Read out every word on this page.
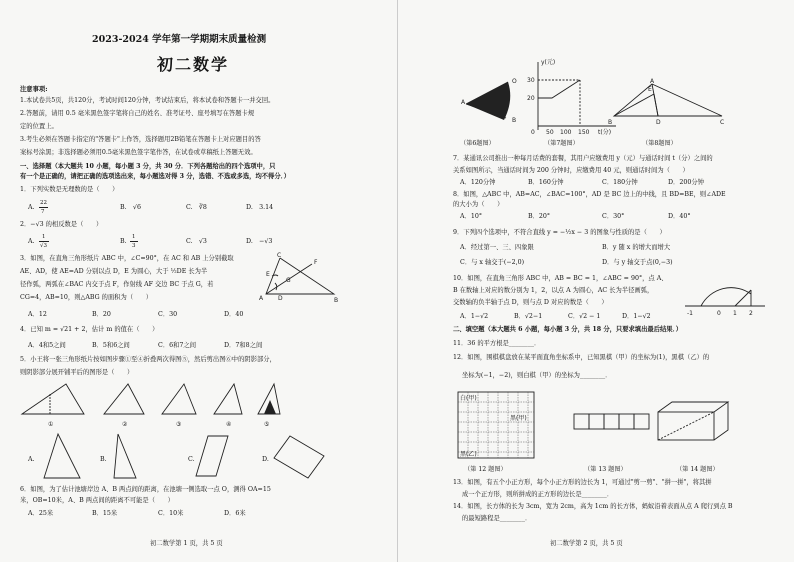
2023-2024 学年第一学期期末质量检测
初二数学
注意事项:
1.本试卷共5页，共120分，考试时间120分钟，考试结束后，将本试卷和答题卡一并交回。
2.答题前，请用 0.5 毫米黑色签字笔将自己的姓名、准考证号、座号填写在答题卡规
定的位置上。
3.考生必须在答题卡指定的"答题卡"上作答，选择题用2B铅笔在答题卡上对应题目的答
案标号涂黑；非选择题必须用0.5毫米黑色签字笔作答，在试卷或草稿纸上答题无效。
一、选择题（本大题共 10 小题，每小题 3 分，共 30 分．下列各题给出的四个选项中，只
有一个是正确的，请把正确的选项选出来，每小题选对得 3 分，选错、不选或多选，均不得分．）
1．下列实数是无理数的是（　　）
A.
22
7
B.　√6	C.　∛8	D.　3.14
2．−√3 的相反数是（　　）
A.
1
√3
B.
1
3
C.　√3	D.　−√3
3．如图，在直角三角形纸片 ABC 中，∠C=90°，在 AC 和 AB 上分别截取
AE、AD，使 AE=AD 分别以点 D，E 为圆心，大于 ½DE 长为半
径作弧，两弧在∠BAC 内交于点 F，作射线 AF 交边 BC 于点 G，若
CG=4，AB=10，则△ABG 的面积为（　　）
A．12	B．20	C．30	D．40
C
E
G
F
A D	B
4．已知 m = √21 + 2，估计 m 的值在（　　）
A．4和5之间	B．5和6之间	C．6和7之间	D．7和8之间
5．小王将一张三角形纸片按如图步骤①至④折叠两次得图⑤，然后剪出图⑥中的阴影部分，
则阴影部分展开铺平后的图形是（　　）
①	②	③	④	⑤
A.	B.	C.	D.
6．如图，为了估计池塘岸边 A、B 两点间的距离，在池塘一侧选取一点 O，测得 OA=15
米，OB=10米，A、B 两点间的距离不可能是（　　）
A．25米	B．15米	C．10米	D．6米
初二数学第 1 页，共 5 页
O
A
B
y(元)
t(分)
30
20
0 50 100 150
E
A
B	D	C
（第6题图）	（第7题图）	（第8题图）
7．某通讯公司推出一种每月话费的套餐，其用户应缴费用 y（元）与通话时间 t（分）之间的
关系如图所示，当通话时间为 200 分钟时，应缴费用 40 元，则通话时间为（　　）
A．120分钟	B．160分钟	C．180分钟	D．200分钟
8．如图，△ABC 中，AB=AC，∠BAC=100°，AD 是 BC 边上的中线，且 BD=BE，则∠ADE
的大小为（　　）
A．10°	B．20°	C．30°	D．40°
9．下列四个选项中，不符合直线 y = −½x − 3 的图象与性质的是（　　）
A．经过第一、三、四象限	B．y 随 x 的增大而增大
C．与 x 轴交于(−2,0)	D．与 y 轴交于点(0,−3)
10．如图，在直角三角形 ABC 中，AB = BC = 1，∠ABC = 90°，点 A、
B 在数轴上对应的数分别为 1，2，以点 A 为圆心，AC 长为半径画弧，
交数轴的负半轴于点 D，则与点 D 对应的数是（　　）
A．1−√2	B．√2−1	C．√2 − 1	D．1−√2	-1	0 1 2
二、填空题（本大题共 6 小题，每小题 3 分，共 18 分，只要求填出最后结果．）
11．36 的平方根是________．
12．如图，围棋棋盘放在某平面直角坐标系中，已知黑棋（甲）的坐标为(1)，黑棋（乙）的
坐标为(−1，−2)，则白棋（甲）的坐标为________．
白(甲)
黑(甲)
黑(乙)
（第 12 题图）	（第 13 题图）	（第 14 题图）
13．如图，有五个小正方形，每个小正方形的边长为 1，可通过"剪一剪"、"拼一拼"，将其拼
成一个正方形，则所拼成的正方形的边长是________．
14．如图，长方体的长为 3cm，宽为 2cm，高为 1cm 的长方体，蚂蚁沿着表面从点 A 爬行到点 B
的最短路程是________．
初二数学第 2 页，共 5 页
